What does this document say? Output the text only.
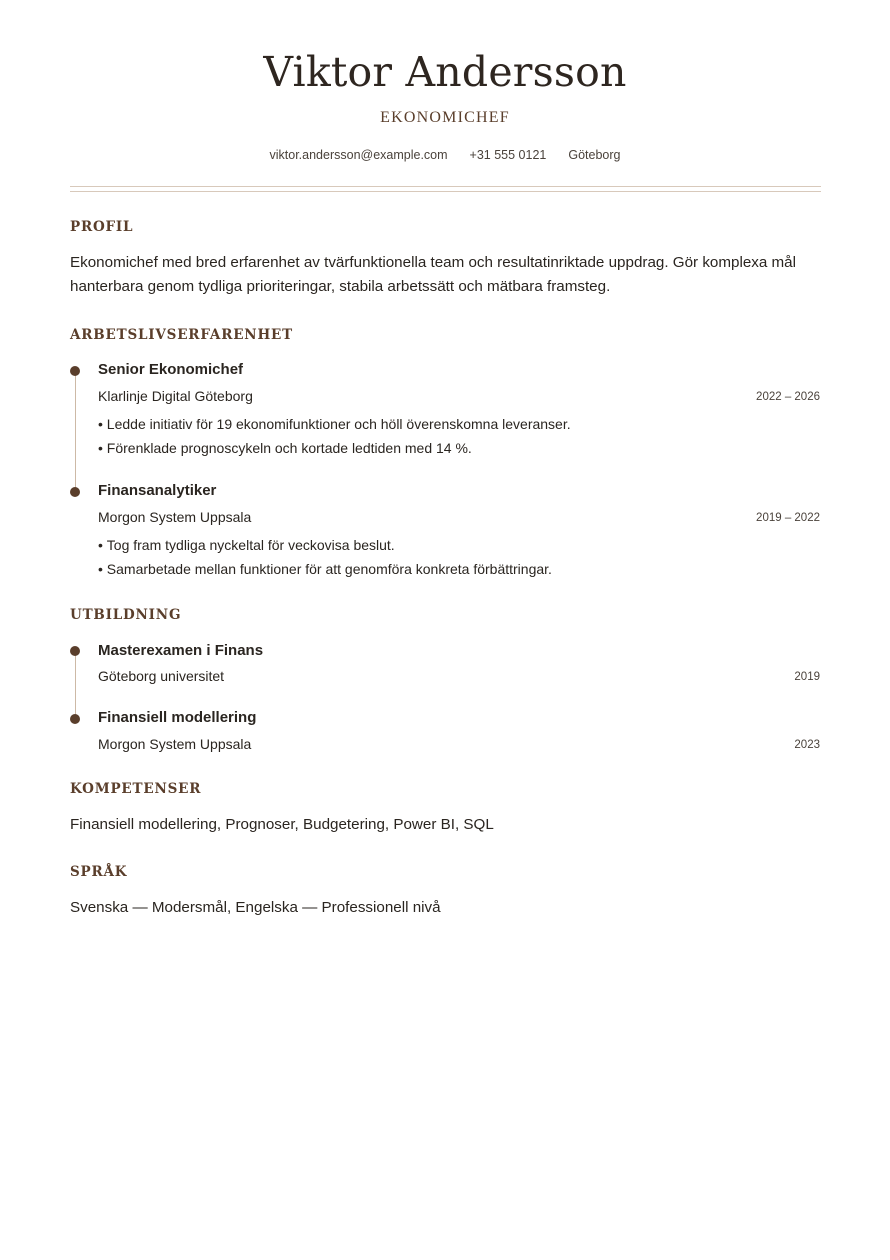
Viktor Andersson
EKONOMICHEF
viktor.andersson@example.com +31 555 0121 Göteborg
PROFIL
Ekonomichef med bred erfarenhet av tvärfunktionella team och resultatinriktade uppdrag. Gör komplexa mål hanterbara genom tydliga prioriteringar, stabila arbetssätt och mätbara framsteg.
ARBETSLIVSERFARENHET
Senior Ekonomichef
Klarlinje Digital Göteborg	2022 – 2026
• Ledde initiativ för 19 ekonomifunktioner och höll överenskomna leveranser.
• Förenklade prognoscykeln och kortade ledtiden med 14 %.
Finansanalytiker
Morgon System Uppsala	2019 – 2022
• Tog fram tydliga nyckeltal för veckovisa beslut.
• Samarbetade mellan funktioner för att genomföra konkreta förbättringar.
UTBILDNING
Masterexamen i Finans
Göteborg universitet	2019
Finansiell modellering
Morgon System Uppsala	2023
KOMPETENSER
Finansiell modellering, Prognoser, Budgetering, Power BI, SQL
SPRÅK
Svenska — Modersmål, Engelska — Professionell nivå
